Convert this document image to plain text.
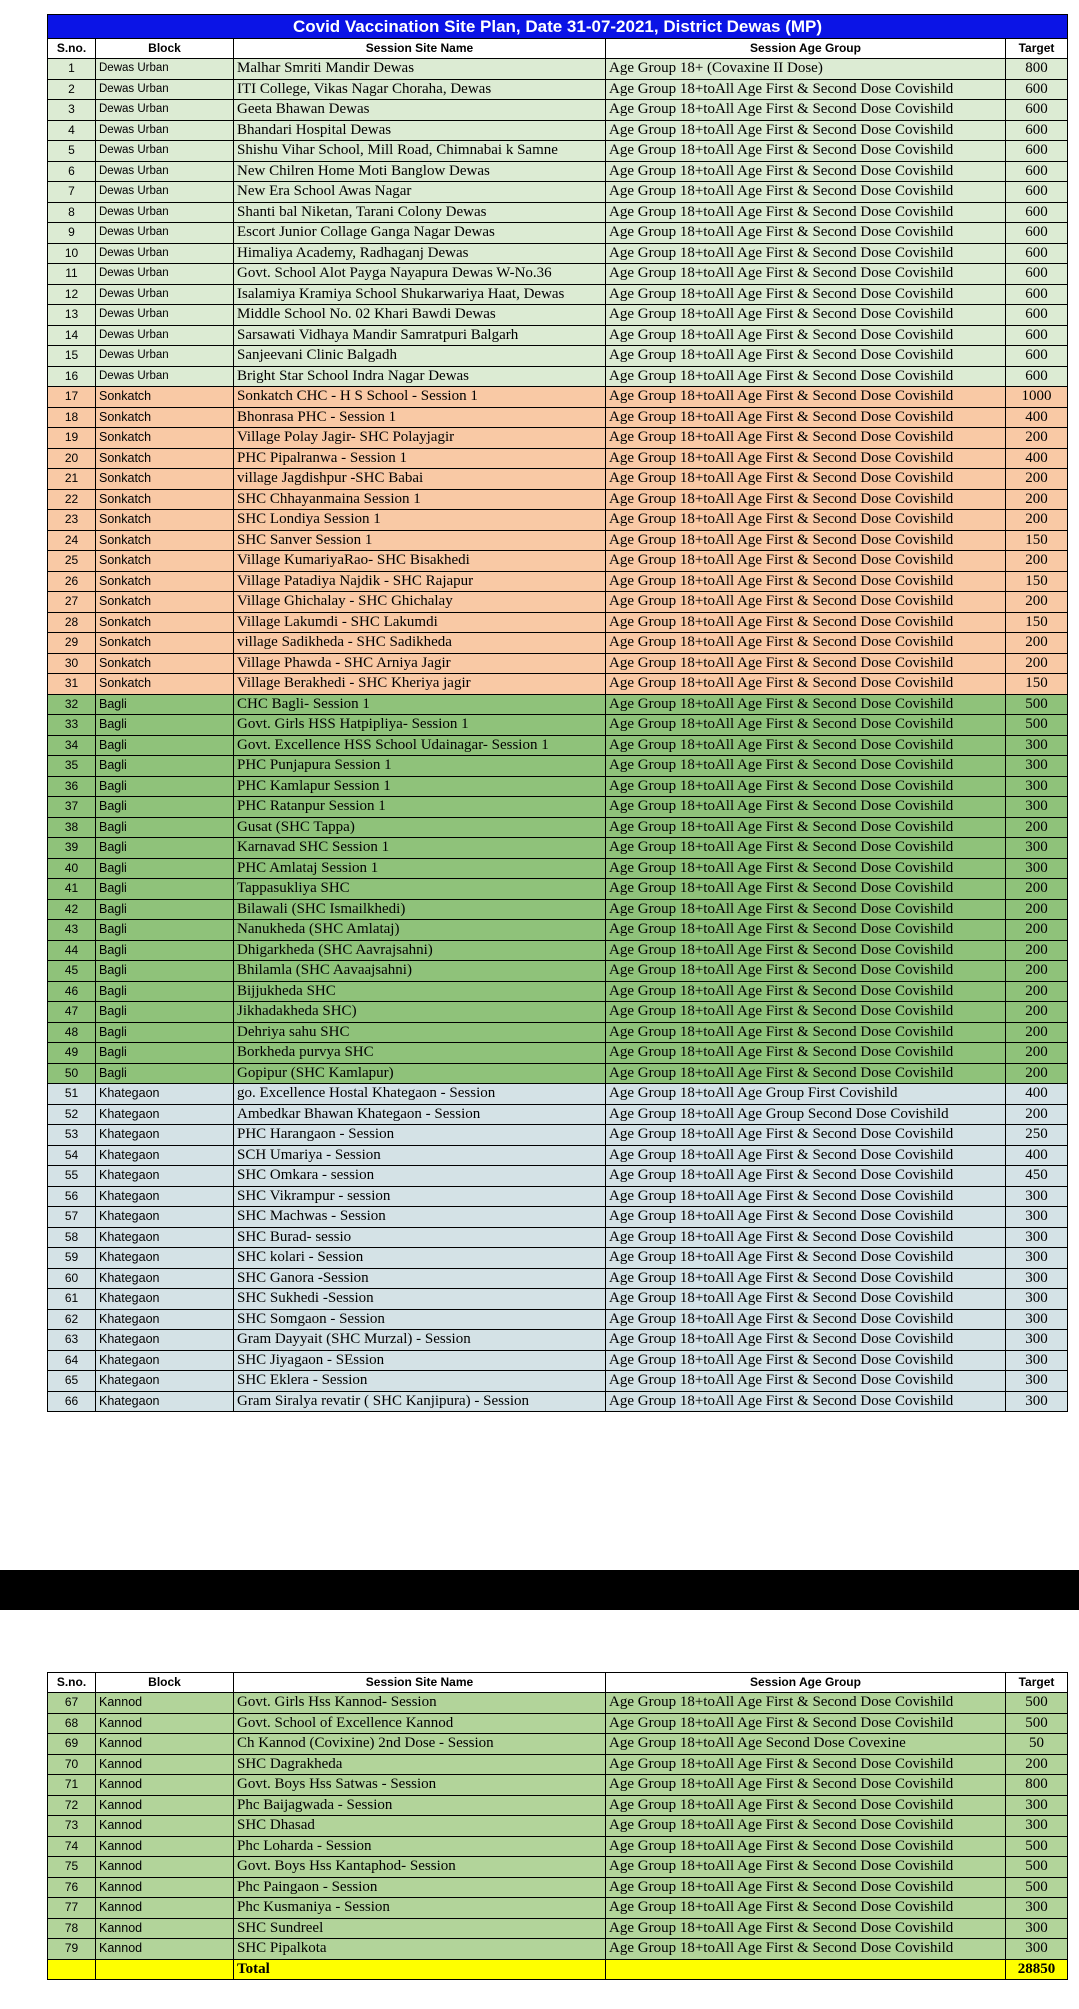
Covid Vaccination Site Plan, Date 31-07-2021, District Dewas (MP)				
S.no.	Block	Session Site Name	Session Age Group	Target
1	Dewas Urban	Malhar Smriti Mandir Dewas	Age Group 18+ (Covaxine II Dose)	800
2	Dewas Urban	ITI College, Vikas Nagar Choraha, Dewas	Age Group 18+toAll Age First & Second Dose Covishild	600
3	Dewas Urban	Geeta Bhawan Dewas	Age Group 18+toAll Age First & Second Dose Covishild	600
4	Dewas Urban	Bhandari Hospital Dewas	Age Group 18+toAll Age First & Second Dose Covishild	600
5	Dewas Urban	Shishu Vihar School, Mill Road, Chimnabai k Samne	Age Group 18+toAll Age First & Second Dose Covishild	600
6	Dewas Urban	New Chilren Home Moti Banglow Dewas	Age Group 18+toAll Age First & Second Dose Covishild	600
7	Dewas Urban	New Era School Awas Nagar	Age Group 18+toAll Age First & Second Dose Covishild	600
8	Dewas Urban	Shanti bal Niketan, Tarani Colony Dewas	Age Group 18+toAll Age First & Second Dose Covishild	600
9	Dewas Urban	Escort Junior Collage Ganga Nagar Dewas	Age Group 18+toAll Age First & Second Dose Covishild	600
10	Dewas Urban	Himaliya Academy, Radhaganj Dewas	Age Group 18+toAll Age First & Second Dose Covishild	600
11	Dewas Urban	Govt. School Alot Payga Nayapura Dewas W-No.36	Age Group 18+toAll Age First & Second Dose Covishild	600
12	Dewas Urban	Isalamiya Kramiya School Shukarwariya Haat, Dewas	Age Group 18+toAll Age First & Second Dose Covishild	600
13	Dewas Urban	Middle School No. 02 Khari Bawdi Dewas	Age Group 18+toAll Age First & Second Dose Covishild	600
14	Dewas Urban	Sarsawati Vidhaya Mandir Samratpuri Balgarh	Age Group 18+toAll Age First & Second Dose Covishild	600
15	Dewas Urban	Sanjeevani Clinic Balgadh	Age Group 18+toAll Age First & Second Dose Covishild	600
16	Dewas Urban	Bright Star School Indra Nagar Dewas	Age Group 18+toAll Age First & Second Dose Covishild	600
17	Sonkatch	Sonkatch CHC - H S School - Session 1	Age Group 18+toAll Age First & Second Dose Covishild	1000
18	Sonkatch	Bhonrasa PHC - Session 1	Age Group 18+toAll Age First & Second Dose Covishild	400
19	Sonkatch	Village Polay Jagir- SHC Polayjagir	Age Group 18+toAll Age First & Second Dose Covishild	200
20	Sonkatch	PHC Pipalranwa - Session 1	Age Group 18+toAll Age First & Second Dose Covishild	400
21	Sonkatch	village Jagdishpur -SHC Babai	Age Group 18+toAll Age First & Second Dose Covishild	200
22	Sonkatch	SHC Chhayanmaina Session 1	Age Group 18+toAll Age First & Second Dose Covishild	200
23	Sonkatch	SHC Londiya Session 1	Age Group 18+toAll Age First & Second Dose Covishild	200
24	Sonkatch	SHC Sanver Session 1	Age Group 18+toAll Age First & Second Dose Covishild	150
25	Sonkatch	Village KumariyaRao- SHC Bisakhedi	Age Group 18+toAll Age First & Second Dose Covishild	200
26	Sonkatch	Village Patadiya Najdik - SHC Rajapur	Age Group 18+toAll Age First & Second Dose Covishild	150
27	Sonkatch	Village Ghichalay - SHC Ghichalay	Age Group 18+toAll Age First & Second Dose Covishild	200
28	Sonkatch	Village Lakumdi - SHC Lakumdi	Age Group 18+toAll Age First & Second Dose Covishild	150
29	Sonkatch	village Sadikheda - SHC Sadikheda	Age Group 18+toAll Age First & Second Dose Covishild	200
30	Sonkatch	Village Phawda - SHC Arniya Jagir	Age Group 18+toAll Age First & Second Dose Covishild	200
31	Sonkatch	Village Berakhedi - SHC Kheriya jagir	Age Group 18+toAll Age First & Second Dose Covishild	150
32	Bagli	CHC Bagli- Session 1	Age Group 18+toAll Age First & Second Dose Covishild	500
33	Bagli	Govt. Girls HSS Hatpipliya- Session 1	Age Group 18+toAll Age First & Second Dose Covishild	500
34	Bagli	Govt. Excellence HSS School Udainagar- Session 1	Age Group 18+toAll Age First & Second Dose Covishild	300
35	Bagli	PHC Punjapura Session 1	Age Group 18+toAll Age First & Second Dose Covishild	300
36	Bagli	PHC Kamlapur Session 1	Age Group 18+toAll Age First & Second Dose Covishild	300
37	Bagli	PHC Ratanpur Session 1	Age Group 18+toAll Age First & Second Dose Covishild	300
38	Bagli	Gusat (SHC Tappa)	Age Group 18+toAll Age First & Second Dose Covishild	200
39	Bagli	Karnavad SHC Session 1	Age Group 18+toAll Age First & Second Dose Covishild	300
40	Bagli	PHC Amlataj Session 1	Age Group 18+toAll Age First & Second Dose Covishild	300
41	Bagli	Tappasukliya SHC	Age Group 18+toAll Age First & Second Dose Covishild	200
42	Bagli	Bilawali (SHC Ismailkhedi)	Age Group 18+toAll Age First & Second Dose Covishild	200
43	Bagli	Nanukheda (SHC Amlataj)	Age Group 18+toAll Age First & Second Dose Covishild	200
44	Bagli	Dhigarkheda (SHC Aavrajsahni)	Age Group 18+toAll Age First & Second Dose Covishild	200
45	Bagli	Bhilamla (SHC Aavaajsahni)	Age Group 18+toAll Age First & Second Dose Covishild	200
46	Bagli	Bijjukheda SHC	Age Group 18+toAll Age First & Second Dose Covishild	200
47	Bagli	Jikhadakheda SHC)	Age Group 18+toAll Age First & Second Dose Covishild	200
48	Bagli	Dehriya sahu SHC	Age Group 18+toAll Age First & Second Dose Covishild	200
49	Bagli	Borkheda purvya SHC	Age Group 18+toAll Age First & Second Dose Covishild	200
50	Bagli	Gopipur (SHC Kamlapur)	Age Group 18+toAll Age First & Second Dose Covishild	200
51	Khategaon	go. Excellence Hostal Khategaon - Session	Age Group 18+toAll Age Group First Covishild	400
52	Khategaon	Ambedkar Bhawan Khategaon - Session	Age Group 18+toAll Age Group Second Dose Covishild	200
53	Khategaon	PHC Harangaon - Session	Age Group 18+toAll Age First & Second Dose Covishild	250
54	Khategaon	SCH Umariya - Session	Age Group 18+toAll Age First & Second Dose Covishild	400
55	Khategaon	SHC Omkara - session	Age Group 18+toAll Age First & Second Dose Covishild	450
56	Khategaon	SHC Vikrampur - session	Age Group 18+toAll Age First & Second Dose Covishild	300
57	Khategaon	SHC Machwas - Session	Age Group 18+toAll Age First & Second Dose Covishild	300
58	Khategaon	SHC Burad- sessio	Age Group 18+toAll Age First & Second Dose Covishild	300
59	Khategaon	SHC kolari - Session	Age Group 18+toAll Age First & Second Dose Covishild	300
60	Khategaon	SHC Ganora -Session	Age Group 18+toAll Age First & Second Dose Covishild	300
61	Khategaon	SHC Sukhedi -Session	Age Group 18+toAll Age First & Second Dose Covishild	300
62	Khategaon	SHC Somgaon - Session	Age Group 18+toAll Age First & Second Dose Covishild	300
63	Khategaon	Gram Dayyait (SHC Murzal) - Session	Age Group 18+toAll Age First & Second Dose Covishild	300
64	Khategaon	SHC Jiyagaon - SEssion	Age Group 18+toAll Age First & Second Dose Covishild	300
65	Khategaon	SHC Eklera - Session	Age Group 18+toAll Age First & Second Dose Covishild	300
66	Khategaon	Gram Siralya revatir ( SHC Kanjipura) - Session	Age Group 18+toAll Age First & Second Dose Covishild	300
S.no.	Block	Session Site Name	Session Age Group	Target
67	Kannod	Govt. Girls Hss Kannod- Session	Age Group 18+toAll Age First & Second Dose Covishild	500
68	Kannod	Govt. School of Excellence Kannod	Age Group 18+toAll Age First & Second Dose Covishild	500
69	Kannod	Ch Kannod (Covixine) 2nd Dose - Session	Age Group 18+toAll Age Second Dose Covexine	50
70	Kannod	SHC Dagrakheda	Age Group 18+toAll Age First & Second Dose Covishild	200
71	Kannod	Govt. Boys Hss Satwas - Session	Age Group 18+toAll Age First & Second Dose Covishild	800
72	Kannod	Phc Baijagwada - Session	Age Group 18+toAll Age First & Second Dose Covishild	300
73	Kannod	SHC Dhasad	Age Group 18+toAll Age First & Second Dose Covishild	300
74	Kannod	Phc Loharda - Session	Age Group 18+toAll Age First & Second Dose Covishild	500
75	Kannod	Govt. Boys Hss Kantaphod- Session	Age Group 18+toAll Age First & Second Dose Covishild	500
76	Kannod	Phc Paingaon - Session	Age Group 18+toAll Age First & Second Dose Covishild	500
77	Kannod	Phc Kusmaniya - Session	Age Group 18+toAll Age First & Second Dose Covishild	300
78	Kannod	SHC Sundreel	Age Group 18+toAll Age First & Second Dose Covishild	300
79	Kannod	SHC Pipalkota	Age Group 18+toAll Age First & Second Dose Covishild	300
		Total		28850
